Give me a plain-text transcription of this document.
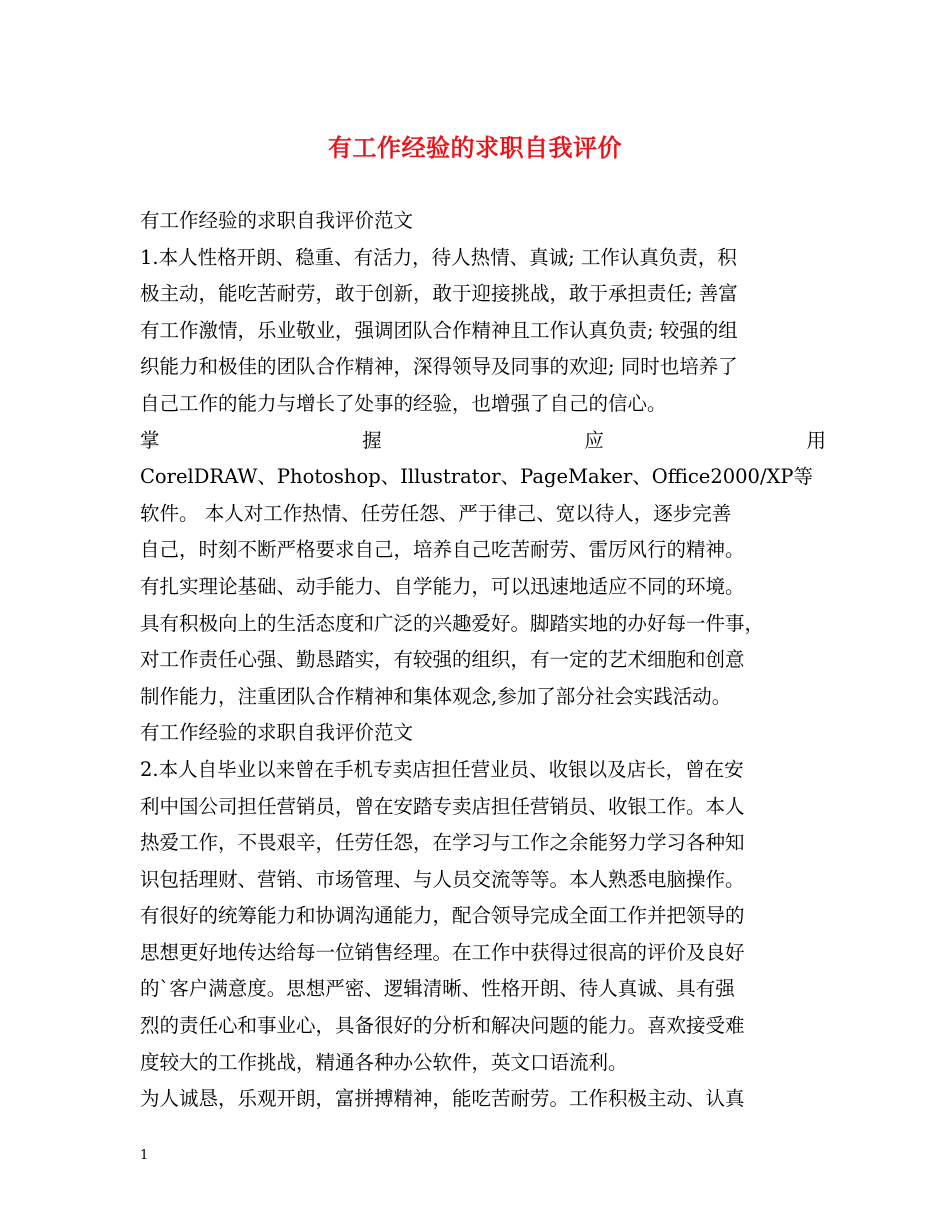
有工作经验的求职自我评价
有工作经验的求职自我评价范文
1.本人性格开朗、稳重、有活力，待人热情、真诚; 工作认真负责，积
极主动，能吃苦耐劳，敢于创新，敢于迎接挑战，敢于承担责任; 善富
有工作激情，乐业敬业，强调团队合作精神且工作认真负责; 较强的组
织能力和极佳的团队合作精神，深得领导及同事的欢迎; 同时也培养了
自己工作的能力与增长了处事的经验，也增强了自己的信心。
掌	握	应	用
CorelDRAW、Photoshop、Illustrator、PageMaker、Office2000/XP等
软件。 本人对工作热情、任劳任怨、严于律己、宽以待人，逐步完善
自己，时刻不断严格要求自己，培养自己吃苦耐劳、雷厉风行的精神。
有扎实理论基础、动手能力、自学能力，可以迅速地适应不同的环境。
具有积极向上的生活态度和广泛的兴趣爱好。脚踏实地的办好每一件事，
对工作责任心强、勤恳踏实，有较强的组织，有一定的艺术细胞和创意
制作能力，注重团队合作精神和集体观念,参加了部分社会实践活动。
有工作经验的求职自我评价范文
2.本人自毕业以来曾在手机专卖店担任营业员、收银以及店长，曾在安
利中国公司担任营销员，曾在安踏专卖店担任营销员、收银工作。本人
热爱工作，不畏艰辛，任劳任怨，在学习与工作之余能努力学习各种知
识包括理财、营销、市场管理、与人员交流等等。本人熟悉电脑操作。
有很好的统筹能力和协调沟通能力，配合领导完成全面工作并把领导的
思想更好地传达给每一位销售经理。在工作中获得过很高的评价及良好
的`客户满意度。思想严密、逻辑清晰、性格开朗、待人真诚、具有强
烈的责任心和事业心，具备很好的分析和解决问题的能力。喜欢接受难
度较大的工作挑战，精通各种办公软件，英文口语流利。
为人诚恳，乐观开朗，富拼搏精神，能吃苦耐劳。工作积极主动、认真
1
